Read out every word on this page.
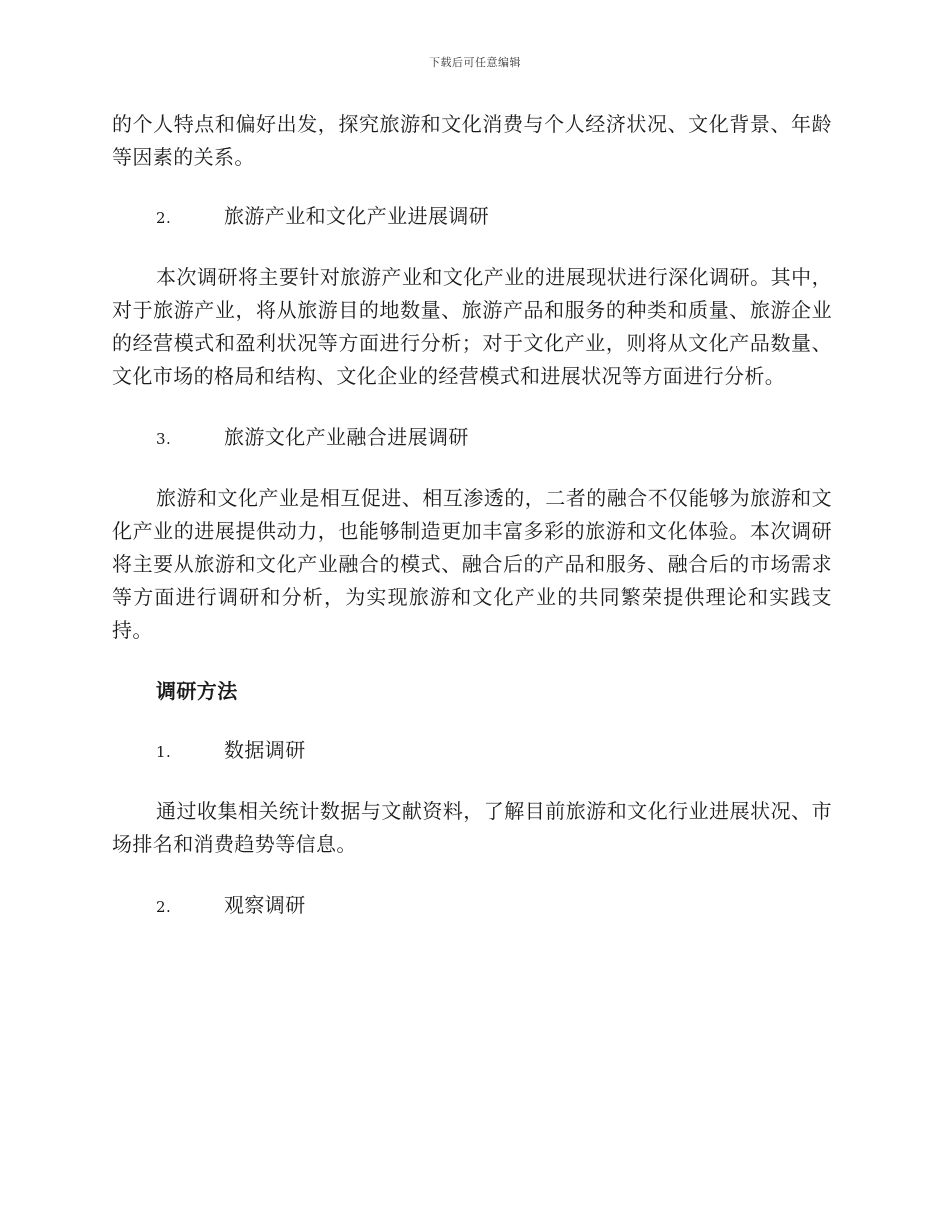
下载后可任意编辑

的个人特点和偏好出发，探究旅游和文化消费与个人经济状况、文化背景、年龄等因素的关系。

2.	旅游产业和文化产业进展调研

本次调研将主要针对旅游产业和文化产业的进展现状进行深化调研。其中，对于旅游产业，将从旅游目的地数量、旅游产品和服务的种类和质量、旅游企业的经营模式和盈利状况等方面进行分析；对于文化产业，则将从文化产品数量、文化市场的格局和结构、文化企业的经营模式和进展状况等方面进行分析。

3.	旅游文化产业融合进展调研

旅游和文化产业是相互促进、相互渗透的，二者的融合不仅能够为旅游和文化产业的进展提供动力，也能够制造更加丰富多彩的旅游和文化体验。本次调研将主要从旅游和文化产业融合的模式、融合后的产品和服务、融合后的市场需求等方面进行调研和分析，为实现旅游和文化产业的共同繁荣提供理论和实践支持。

调研方法
1.	数据调研

通过收集相关统计数据与文献资料，了解目前旅游和文化行业进展状况、市场排名和消费趋势等信息。

2.	观察调研
